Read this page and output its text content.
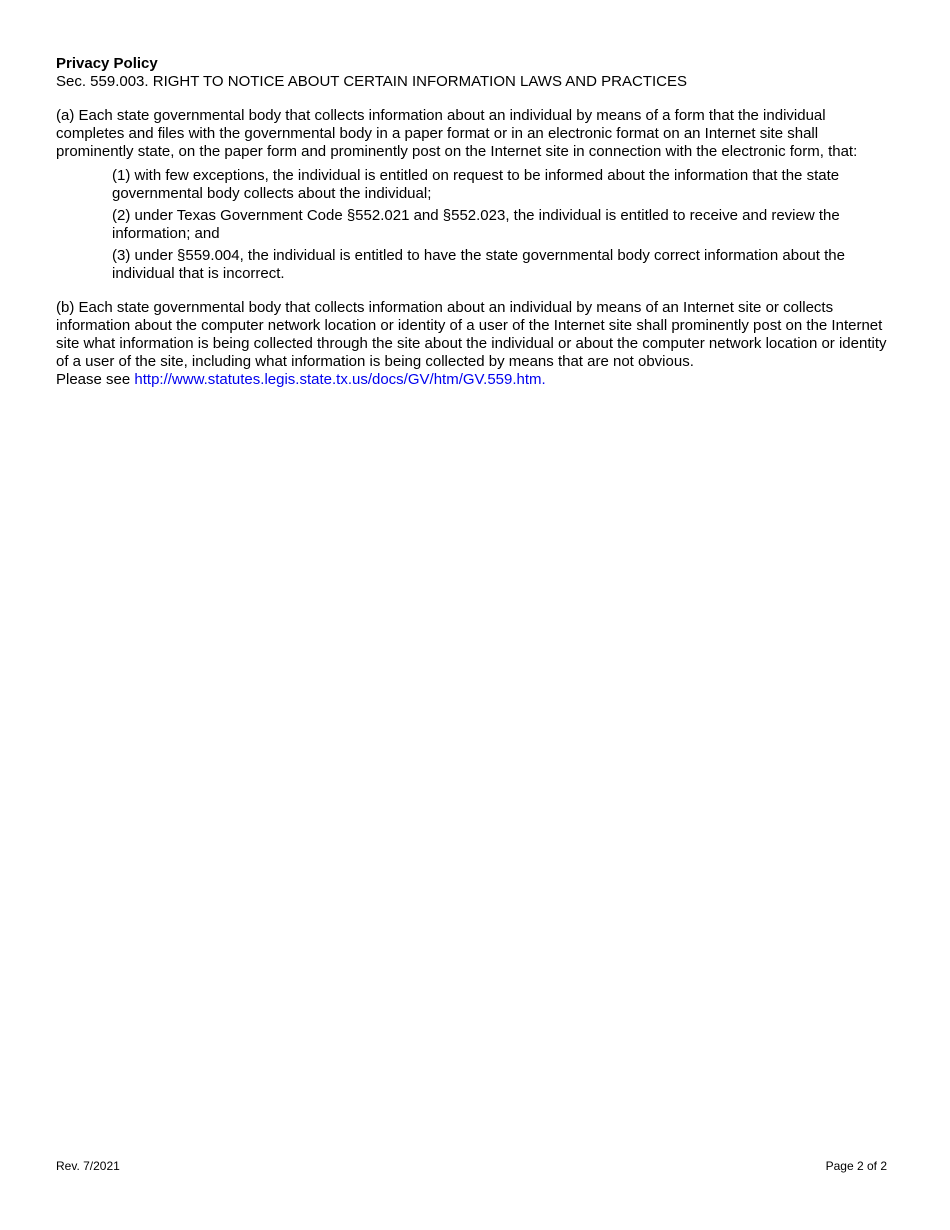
Privacy Policy

Sec. 559.003. RIGHT TO NOTICE ABOUT CERTAIN INFORMATION LAWS AND PRACTICES

(a) Each state governmental body that collects information about an individual by means of a form that the individual completes and files with the governmental body in a paper format or in an electronic format on an Internet site shall prominently state, on the paper form and prominently post on the Internet site in connection with the electronic form, that:

(1) with few exceptions, the individual is entitled on request to be informed about the information that the state governmental body collects about the individual;
(2) under Texas Government Code §552.021 and §552.023, the individual is entitled to receive and review the information; and
(3) under §559.004, the individual is entitled to have the state governmental body correct information about the individual that is incorrect.

(b) Each state governmental body that collects information about an individual by means of an Internet site or collects information about the computer network location or identity of a user of the Internet site shall prominently post on the Internet site what information is being collected through the site about the individual or about the computer network location or identity of a user of the site, including what information is being collected by means that are not obvious.
Please see http://www.statutes.legis.state.tx.us/docs/GV/htm/GV.559.htm.

Rev. 7/2021	Page 2 of 2
